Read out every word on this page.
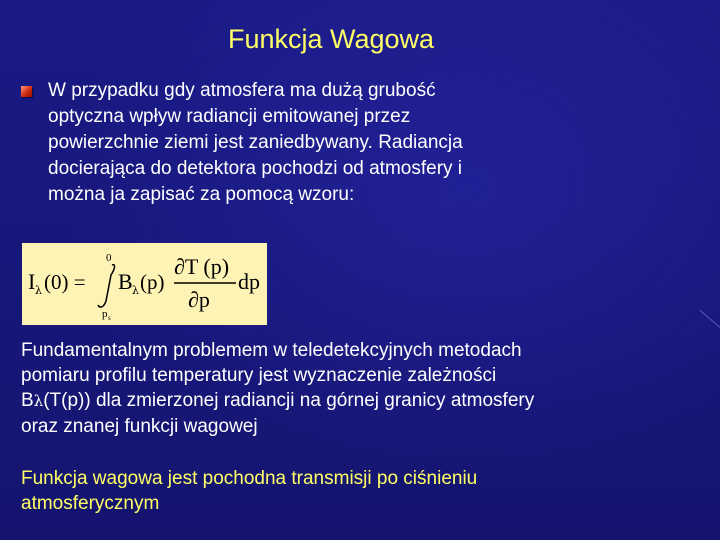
Funkcja Wagowa
W przypadku gdy atmosfera ma dużą grubość
optyczna wpływ radiancji emitowanej przez
powierzchnie ziemi jest zaniedbywany. Radiancja
docierająca do detektora pochodzi od atmosfery i
można ja zapisać za pomocą wzoru:
I λ (0) =
0
p s
B λ (p)
∂T (p)
∂p
dp
Fundamentalnym problemem w teledetekcyjnych metodach
pomiaru profilu temperatury jest wyznaczenie zależności
Bλ(T(p)) dla zmierzonej radiancji na górnej granicy atmosfery
oraz znanej funkcji wagowej
Funkcja wagowa jest pochodna transmisji po ciśnieniu
atmosferycznym
